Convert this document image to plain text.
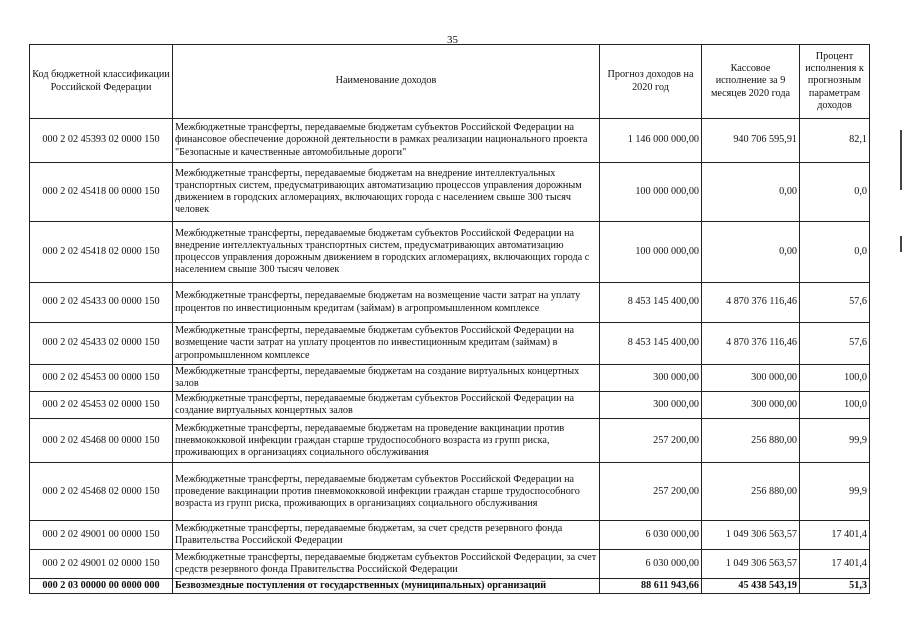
35
Код бюджетной классификации Российской Федерации	Наименование доходов	Прогноз доходов на 2020 год	Кассовое исполнение за 9 месяцев 2020 года	Процент исполнения к прогнозным параметрам доходов
000 2 02 45393 02 0000 150	Межбюджетные трансферты, передаваемые бюджетам субъектов Российской Федерации на финансовое обеспечение дорожной деятельности в рамках реализации национального проекта "Безопасные и качественные автомобильные дороги"	1 146 000 000,00	940 706 595,91	82,1
000 2 02 45418 00 0000 150	Межбюджетные трансферты, передаваемые бюджетам на внедрение интеллектуальных транспортных систем, предусматривающих автоматизацию процессов управления дорожным движением в городских агломерациях, включающих города с населением свыше 300 тысяч человек	100 000 000,00	0,00	0,0
000 2 02 45418 02 0000 150	Межбюджетные трансферты, передаваемые бюджетам субъектов Российской Федерации на внедрение интеллектуальных транспортных систем, предусматривающих автоматизацию процессов управления дорожным движением в городских агломерациях, включающих города с населением свыше 300 тысяч человек	100 000 000,00	0,00	0,0
000 2 02 45433 00 0000 150	Межбюджетные трансферты, передаваемые бюджетам на возмещение части затрат на уплату процентов по инвестиционным кредитам (займам) в агропромышленном комплексе	8 453 145 400,00	4 870 376 116,46	57,6
000 2 02 45433 02 0000 150	Межбюджетные трансферты, передаваемые бюджетам субъектов Российской Федерации на возмещение части затрат на уплату процентов по инвестиционным кредитам (займам) в агропромышленном комплексе	8 453 145 400,00	4 870 376 116,46	57,6
000 2 02 45453 00 0000 150	Межбюджетные трансферты, передаваемые бюджетам на создание виртуальных концертных залов	300 000,00	300 000,00	100,0
000 2 02 45453 02 0000 150	Межбюджетные трансферты, передаваемые бюджетам субъектов Российской Федерации на создание виртуальных концертных залов	300 000,00	300 000,00	100,0
000 2 02 45468 00 0000 150	Межбюджетные трансферты, передаваемые бюджетам на проведение вакцинации против пневмококковой инфекции граждан старше трудоспособного возраста из групп риска, проживающих в организациях социального обслуживания	257 200,00	256 880,00	99,9
000 2 02 45468 02 0000 150	Межбюджетные трансферты, передаваемые бюджетам субъектов Российской Федерации на проведение вакцинации против пневмококковой инфекции граждан старше трудоспособного возраста из групп риска, проживающих в организациях социального обслуживания	257 200,00	256 880,00	99,9
000 2 02 49001 00 0000 150	Межбюджетные трансферты, передаваемые бюджетам, за счет средств резервного фонда Правительства Российской Федерации	6 030 000,00	1 049 306 563,57	17 401,4
000 2 02 49001 02 0000 150	Межбюджетные трансферты, передаваемые бюджетам субъектов Российской Федерации, за счет средств резервного фонда Правительства Российской Федерации	6 030 000,00	1 049 306 563,57	17 401,4
000 2 03 00000 00 0000 000	Безвозмездные поступления от государственных (муниципальных) организаций	88 611 943,66	45 438 543,19	51,3
